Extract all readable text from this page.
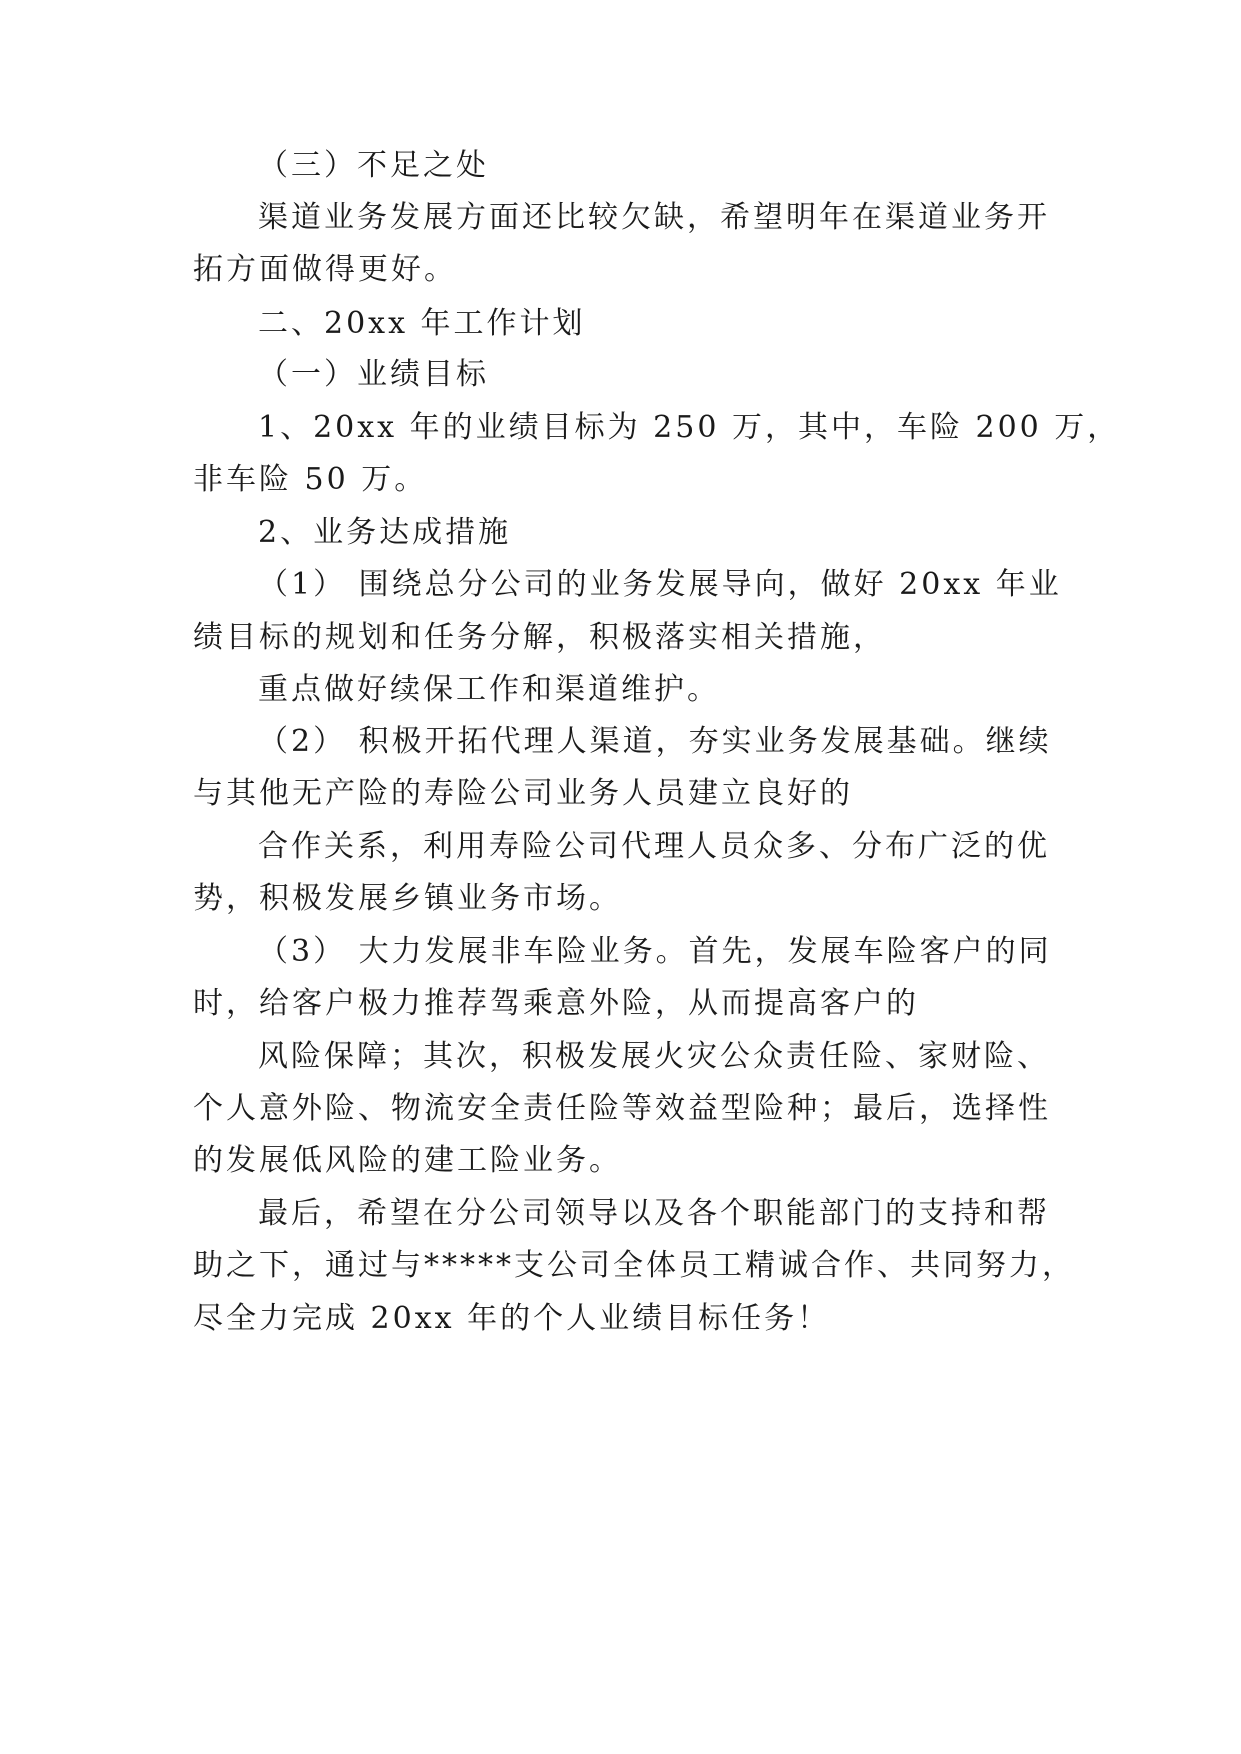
（三）不足之处

渠道业务发展方面还比较欠缺，希望明年在渠道业务开

拓方面做得更好。

二、20xx 年工作计划

（一）业绩目标

1、20xx 年的业绩目标为 250 万，其中，车险 200 万，

非车险 50 万。

2、业务达成措施

（1） 围绕总分公司的业务发展导向，做好 20xx 年业

绩目标的规划和任务分解，积极落实相关措施，

重点做好续保工作和渠道维护。

（2） 积极开拓代理人渠道，夯实业务发展基础。继续

与其他无产险的寿险公司业务人员建立良好的

合作关系，利用寿险公司代理人员众多、分布广泛的优

势，积极发展乡镇业务市场。

（3） 大力发展非车险业务。首先，发展车险客户的同

时，给客户极力推荐驾乘意外险，从而提高客户的

风险保障；其次，积极发展火灾公众责任险、家财险、

个人意外险、物流安全责任险等效益型险种；最后，选择性

的发展低风险的建工险业务。

最后，希望在分公司领导以及各个职能部门的支持和帮

助之下，通过与*****支公司全体员工精诚合作、共同努力，

尽全力完成 20xx 年的个人业绩目标任务！
